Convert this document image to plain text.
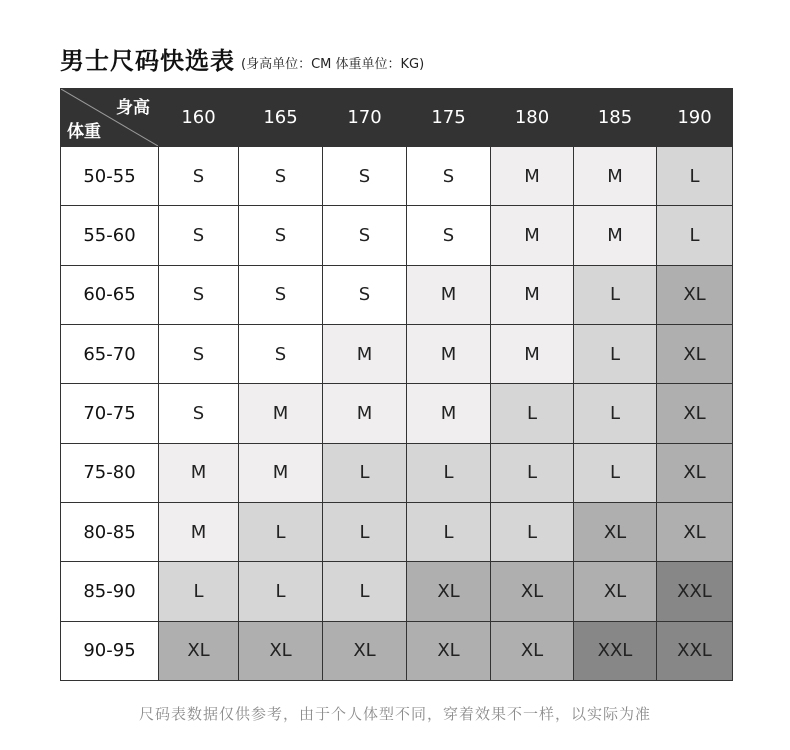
男士尺码快选表 (身高单位：CM 体重单位：KG)
身高
体重	160	165	170	175	180	185	190
50-55	S	S	S	S	M	M	L
55-60	S	S	S	S	M	M	L
60-65	S	S	S	M	M	L	XL
65-70	S	S	M	M	M	L	XL
70-75	S	M	M	M	L	L	XL
75-80	M	M	L	L	L	L	XL
80-85	M	L	L	L	L	XL	XL
85-90	L	L	L	XL	XL	XL	XXL
90-95	XL	XL	XL	XL	XL	XXL	XXL
尺码表数据仅供参考，由于个人体型不同，穿着效果不一样，以实际为准
